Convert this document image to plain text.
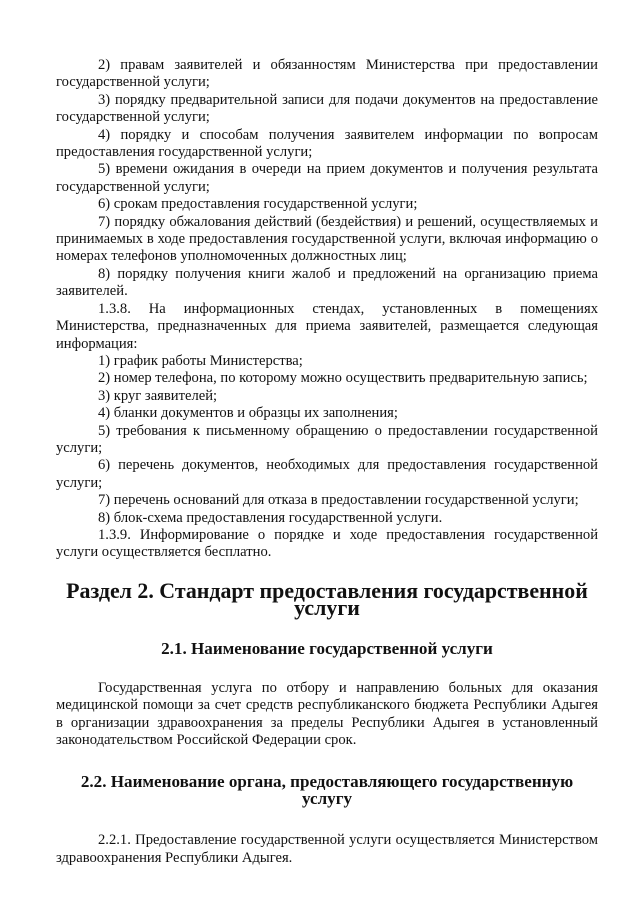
2) правам заявителей и обязанностям Министерства при предоставлении государственной услуги;

3) порядку предварительной записи для подачи документов на предоставление государственной услуги;

4) порядку и способам получения заявителем информации по вопросам предоставления государственной услуги;

5) времени ожидания в очереди на прием документов и получения результата государственной услуги;

6) срокам предоставления государственной услуги;

7) порядку обжалования действий (бездействия) и решений, осуществляемых и принимаемых в ходе предоставления государственной услуги, включая информацию о номерах телефонов уполномоченных должностных лиц;

8) порядку получения книги жалоб и предложений на организацию приема заявителей.

1.3.8. На информационных стендах, установленных в помещениях Министерства, предназначенных для приема заявителей, размещается следующая информация:

1) график работы Министерства;

2) номер телефона, по которому можно осуществить предварительную запись;

3) круг заявителей;

4) бланки документов и образцы их заполнения;

5) требования к письменному обращению о предоставлении государственной услуги;

6) перечень документов, необходимых для предоставления государственной услуги;

7) перечень оснований для отказа в предоставлении государственной услуги;

8) блок-схема предоставления государственной услуги.

1.3.9. Информирование о порядке и ходе предоставления государственной услуги осуществляется бесплатно.

Раздел 2. Стандарт предоставления государственной услуги
2.1. Наименование государственной услуги

Государственная услуга по отбору и направлению больных для оказания медицинской помощи за счет средств республиканского бюджета Республики Адыгея в организации здравоохранения за пределы Республики Адыгея в установленный законодательством Российской Федерации срок.

2.2. Наименование органа, предоставляющего государственную услугу

2.2.1. Предоставление государственной услуги осуществляется Министерством здравоохранения Республики Адыгея.
